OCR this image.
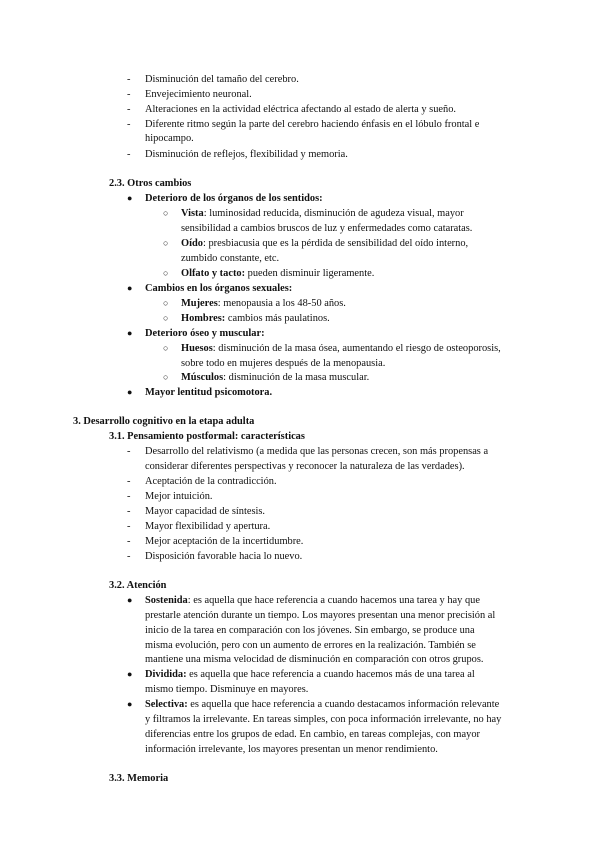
- Disminución del tamaño del cerebro.
- Envejecimiento neuronal.
- Alteraciones en la actividad eléctrica afectando al estado de alerta y sueño.
- Diferente ritmo según la parte del cerebro haciendo énfasis en el lóbulo frontal e
hipocampo.
- Disminución de reflejos, flexibilidad y memoria.
2.3. Otros cambios
● Deterioro de los órganos de los sentidos:
○ Vista: luminosidad reducida, disminución de agudeza visual, mayor
sensibilidad a cambios bruscos de luz y enfermedades como cataratas.
○ Oído: presbiacusia que es la pérdida de sensibilidad del oído interno,
zumbido constante, etc.
○ Olfato y tacto: pueden disminuir ligeramente.
● Cambios en los órganos sexuales:
○ Mujeres: menopausia a los 48-50 años.
○ Hombres: cambios más paulatinos.
● Deterioro óseo y muscular:
○ Huesos: disminución de la masa ósea, aumentando el riesgo de osteoporosis,
sobre todo en mujeres después de la menopausia.
○ Músculos: disminución de la masa muscular.
● Mayor lentitud psicomotora.
3. Desarrollo cognitivo en la etapa adulta
3.1. Pensamiento postformal: características
- Desarrollo del relativismo (a medida que las personas crecen, son más propensas a
considerar diferentes perspectivas y reconocer la naturaleza de las verdades).
- Aceptación de la contradicción.
- Mejor intuición.
- Mayor capacidad de síntesis.
- Mayor flexibilidad y apertura.
- Mejor aceptación de la incertidumbre.
- Disposición favorable hacia lo nuevo.
3.2. Atención
● Sostenida: es aquella que hace referencia a cuando hacemos una tarea y hay que
prestarle atención durante un tiempo. Los mayores presentan una menor precisión al
inicio de la tarea en comparación con los jóvenes. Sin embargo, se produce una
misma evolución, pero con un aumento de errores en la realización. También se
mantiene una misma velocidad de disminución en comparación con otros grupos.
● Dividida: es aquella que hace referencia a cuando hacemos más de una tarea al
mismo tiempo. Disminuye en mayores.
● Selectiva: es aquella que hace referencia a cuando destacamos información relevante
y filtramos la irrelevante. En tareas simples, con poca información irrelevante, no hay
diferencias entre los grupos de edad. En cambio, en tareas complejas, con mayor
información irrelevante, los mayores presentan un menor rendimiento.
3.3. Memoria
